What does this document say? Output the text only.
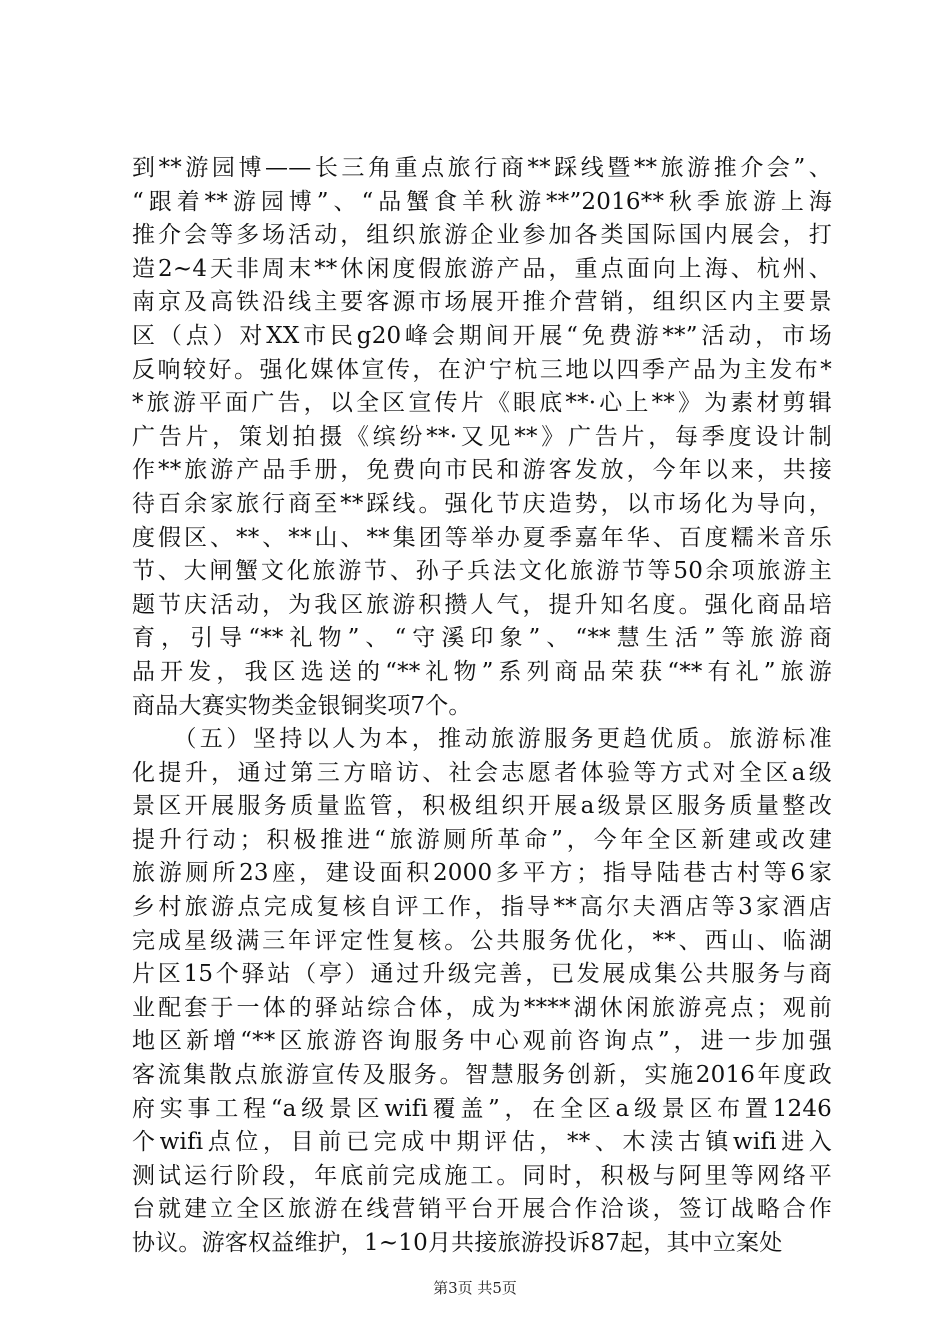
到**游园博——长三角重点旅行商**踩线暨**旅游推介会”、
“跟着**游园博”、“品蟹食羊秋游**”2016**秋季旅游上海
推介会等多场活动，组织旅游企业参加各类国际国内展会，打
造2~4天非周末**休闲度假旅游产品，重点面向上海、杭州、
南京及高铁沿线主要客源市场展开推介营销，组织区内主要景
区（点）对XX市民g20峰会期间开展“免费游**”活动，市场
反响较好。强化媒体宣传，在沪宁杭三地以四季产品为主发布*
*旅游平面广告，以全区宣传片《眼底**·心上**》为素材剪辑
广告片，策划拍摄《缤纷**·又见**》广告片，每季度设计制
作**旅游产品手册，免费向市民和游客发放，今年以来，共接
待百余家旅行商至**踩线。强化节庆造势，以市场化为导向，
度假区、**、**山、**集团等举办夏季嘉年华、百度糯米音乐
节、大闸蟹文化旅游节、孙子兵法文化旅游节等50余项旅游主
题节庆活动，为我区旅游积攒人气，提升知名度。强化商品培
育，引导“**礼物”、“守溪印象”、“**慧生活”等旅游商
品开发，我区选送的“**礼物”系列商品荣获“**有礼”旅游
商品大赛实物类金银铜奖项7个。
　　（五）坚持以人为本，推动旅游服务更趋优质。旅游标准
化提升，通过第三方暗访、社会志愿者体验等方式对全区a级
景区开展服务质量监管，积极组织开展a级景区服务质量整改
提升行动；积极推进“旅游厕所革命”，今年全区新建或改建
旅游厕所23座，建设面积2000多平方；指导陆巷古村等6家
乡村旅游点完成复核自评工作，指导**高尔夫酒店等3家酒店
完成星级满三年评定性复核。公共服务优化，**、西山、临湖
片区15个驿站（亭）通过升级完善，已发展成集公共服务与商
业配套于一体的驿站综合体，成为****湖休闲旅游亮点；观前
地区新增“**区旅游咨询服务中心观前咨询点”，进一步加强
客流集散点旅游宣传及服务。智慧服务创新，实施2016年度政
府实事工程“a级景区wifi覆盖”，在全区a级景区布置1246
个wifi点位，目前已完成中期评估，**、木渎古镇wifi进入
测试运行阶段，年底前完成施工。同时，积极与阿里等网络平
台就建立全区旅游在线营销平台开展合作洽谈，签订战略合作
协议。游客权益维护，1~10月共接旅游投诉87起，其中立案处
第3页 共5页
